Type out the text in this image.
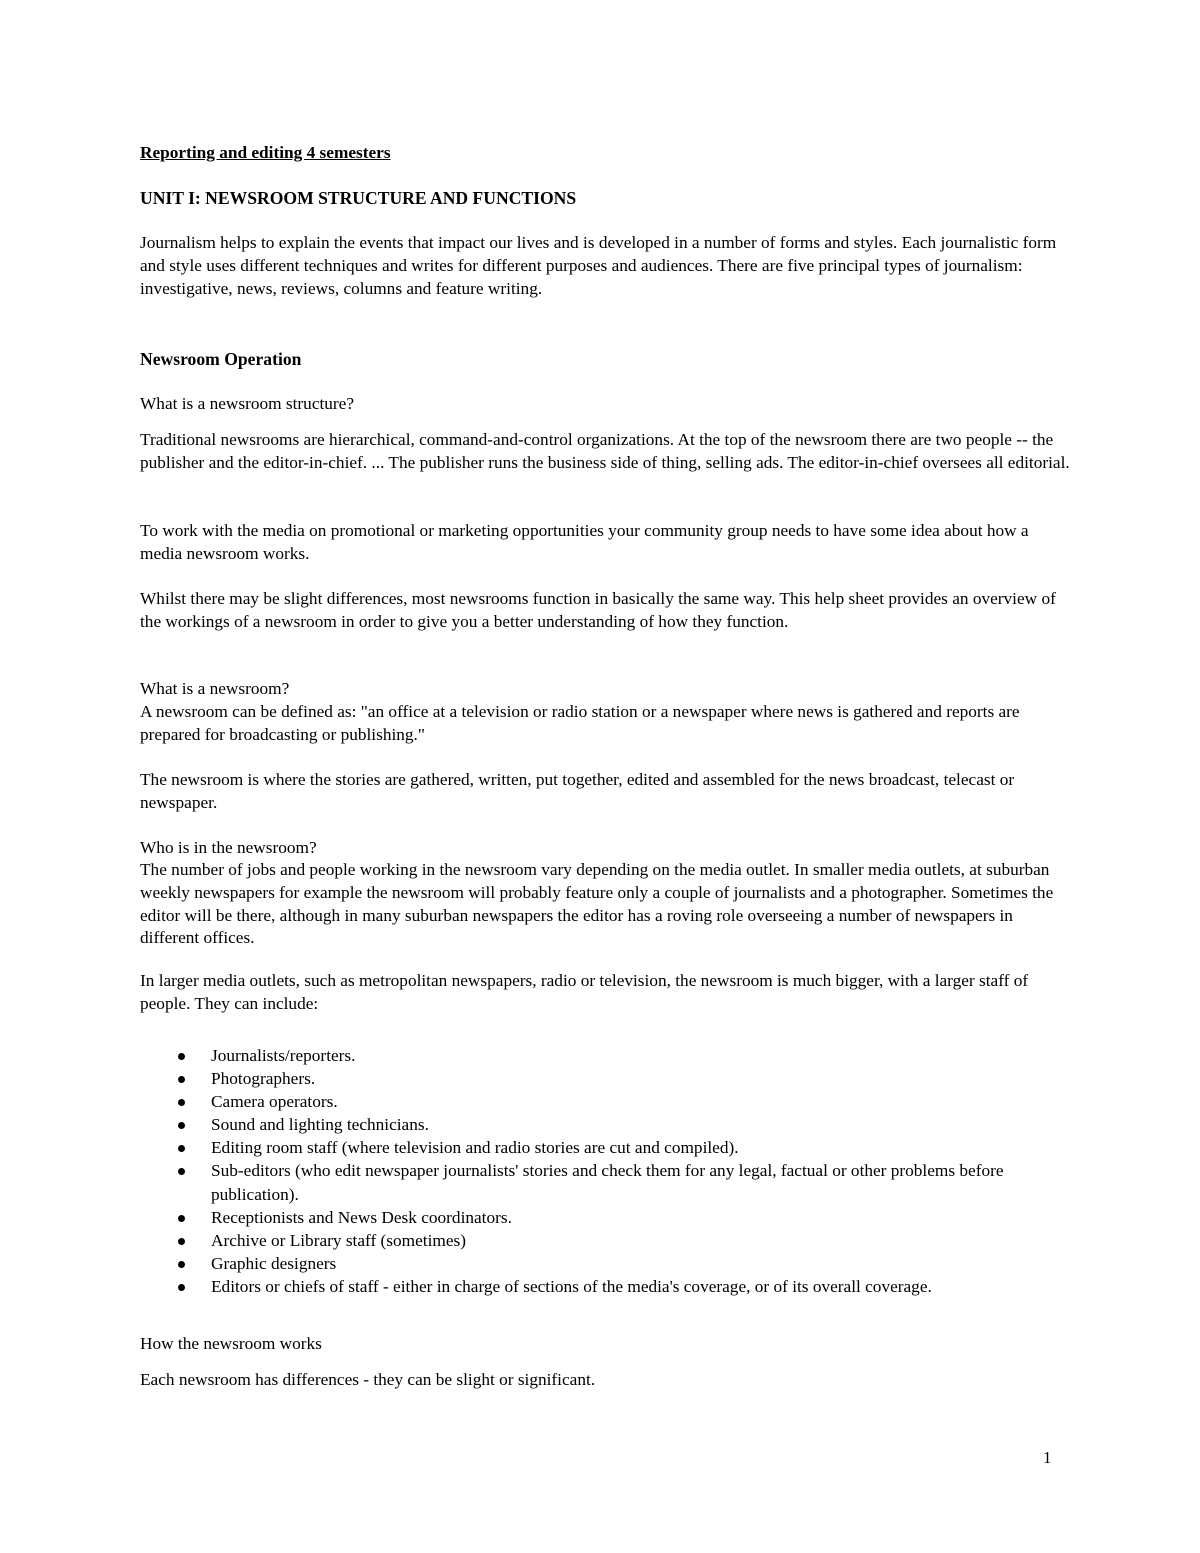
Reporting and editing 4 semesters

UNIT I: NEWSROOM STRUCTURE AND FUNCTIONS

Journalism helps to explain the events that impact our lives and is developed in a number of forms and styles. Each journalistic form and style uses different techniques and writes for different purposes and audiences. There are five principal types of journalism: investigative, news, reviews, columns and feature writing.

Newsroom Operation

What is a newsroom structure?

Traditional newsrooms are hierarchical, command-and-control organizations. At the top of the newsroom there are two people -- the publisher and the editor-in-chief. ... The publisher runs the business side of thing, selling ads. The editor-in-chief oversees all editorial.

To work with the media on promotional or marketing opportunities your community group needs to have some idea about how a media newsroom works.

Whilst there may be slight differences, most newsrooms function in basically the same way. This help sheet provides an overview of the workings of a newsroom in order to give you a better understanding of how they function.

What is a newsroom?

A newsroom can be defined as: "an office at a television or radio station or a newspaper where news is gathered and reports are prepared for broadcasting or publishing."

The newsroom is where the stories are gathered, written, put together, edited and assembled for the news broadcast, telecast or newspaper.

Who is in the newsroom?

The number of jobs and people working in the newsroom vary depending on the media outlet. In smaller media outlets, at suburban weekly newspapers for example the newsroom will probably feature only a couple of journalists and a photographer. Sometimes the editor will be there, although in many suburban newspapers the editor has a roving role overseeing a number of newspapers in different offices.

In larger media outlets, such as metropolitan newspapers, radio or television, the newsroom is much bigger, with a larger staff of people. They can include:

Journalists/reporters.
Photographers.
Camera operators.
Sound and lighting technicians.
Editing room staff (where television and radio stories are cut and compiled).
Sub-editors (who edit newspaper journalists' stories and check them for any legal, factual or other problems before publication).
Receptionists and News Desk coordinators.
Archive or Library staff (sometimes)
Graphic designers
Editors or chiefs of staff - either in charge of sections of the media's coverage, or of its overall coverage.

How the newsroom works

Each newsroom has differences - they can be slight or significant.

1
